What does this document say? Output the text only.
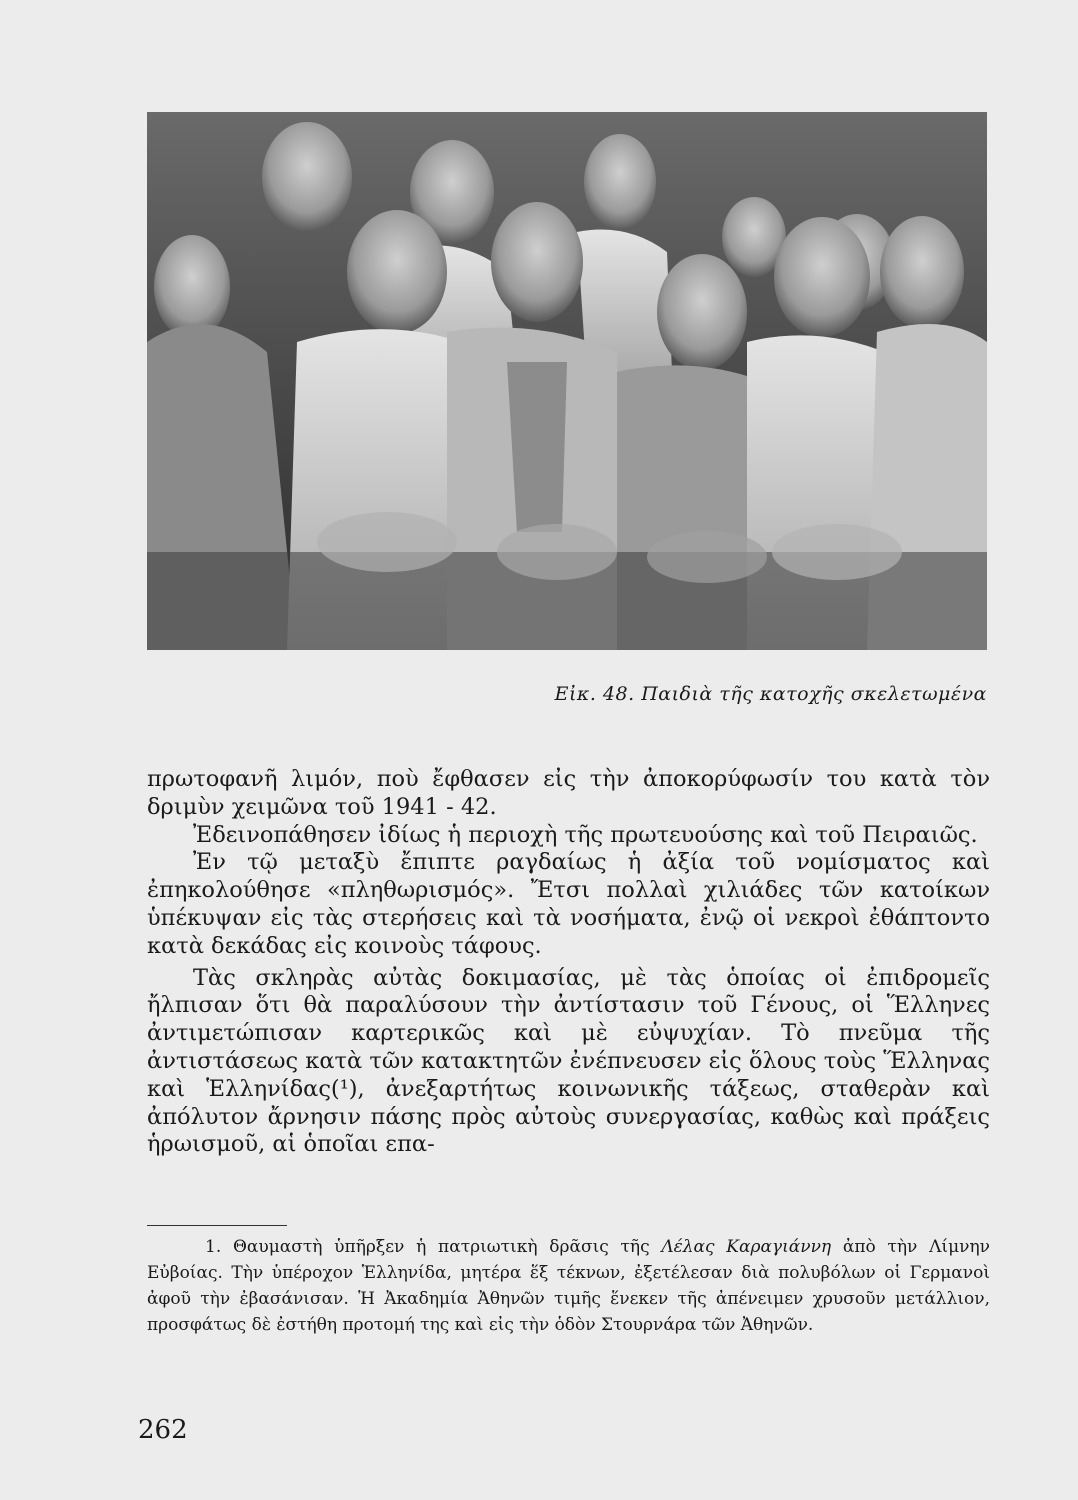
Εἰκ. 48. Παιδιὰ τῆς κατοχῆς σκελετωμένα

πρωτοφανῆ λιμόν, ποὺ ἔφθασεν εἰς τὴν ἀποκορύφωσίν του κατὰ τὸν δριμὺν χειμῶνα τοῦ 1941 - 42.

Ἐδεινοπάθησεν ἰδίως ἡ περιοχὴ τῆς πρωτευούσης καὶ τοῦ Πειραιῶς.

Ἐν τῷ μεταξὺ ἔπιπτε ραγδαίως ἡ ἀξία τοῦ νομίσματος καὶ ἐπηκολούθησε «πληθωρισμός». Ἔτσι πολλαὶ χιλιάδες τῶν κατοίκων ὑπέκυψαν εἰς τὰς στερήσεις καὶ τὰ νοσήματα, ἐνῷ οἱ νεκροὶ ἐθάπτοντο κατὰ δεκάδας εἰς κοινοὺς τάφους.

Τὰς σκληρὰς αὐτὰς δοκιμασίας, μὲ τὰς ὁποίας οἱ ἐπιδρομεῖς ἤλπισαν ὅτι θὰ παραλύσουν τὴν ἀντίστασιν τοῦ Γένους, οἱ Ἕλληνες ἀντιμετώπισαν καρτερικῶς καὶ μὲ εὐψυχίαν. Τὸ πνεῦμα τῆς ἀντιστάσεως κατὰ τῶν κατακτητῶν ἐνέπνευσεν εἰς ὅλους τοὺς Ἕλληνας καὶ Ἑλληνίδας(¹), ἀνεξαρτήτως κοινωνικῆς τάξεως, σταθερὰν καὶ ἀπόλυτον ἄρνησιν πάσης πρὸς αὐτοὺς συνεργασίας, καθὼς καὶ πράξεις ἡρωισμοῦ, αἱ ὁποῖαι επα-

1. Θαυμαστὴ ὑπῆρξεν ἡ πατριωτικὴ δρᾶσις τῆς Λέλας Καραγιάννη ἀπὸ τὴν Λίμνην Εὐβοίας. Τὴν ὑπέροχον Ἑλληνίδα, μητέρα ἕξ τέκνων, ἐξετέλεσαν διὰ πολυβόλων οἱ Γερμανοὶ ἀφοῦ τὴν ἐβασάνισαν. Ἡ Ἀκαδημία Ἀθηνῶν τιμῆς ἕνεκεν τῆς ἀπένειμεν χρυσοῦν μετάλλιον, προσφάτως δὲ ἐστήθη προτομή της καὶ εἰς τὴν ὁδὸν Στουρνάρα τῶν Ἀθηνῶν.

262
